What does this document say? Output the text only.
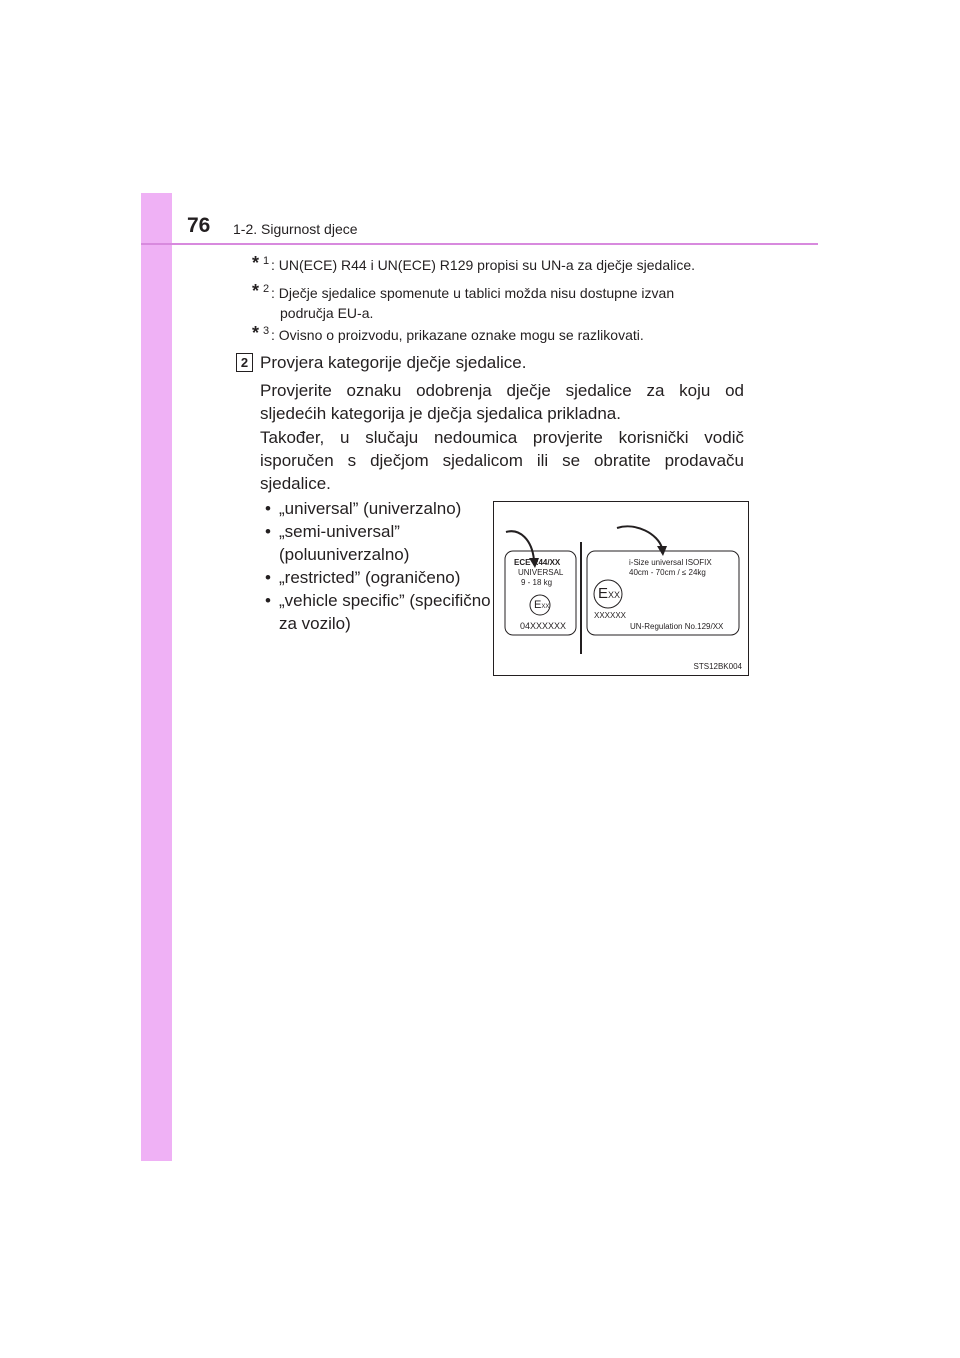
76 1-2. Sigurnost djece
* 1 : UN(ECE) R44 i UN(ECE) R129 propisi su UN-a za dječje sjedalice.
* 2 : Dječje sjedalice spomenute u tablici možda nisu dostupne izvan
područja EU-a.
* 3 : Ovisno o proizvodu, prikazane oznake mogu se razlikovati.
2 Provjera kategorije dječje sjedalice.
Provjerite oznaku odobrenja dječje sjedalice za koju od sljedećih kategorija je dječja sjedalica prikladna.
Također, u slučaju nedoumica provjerite korisnički vodič isporučen s dječjom sjedalicom ili se obratite prodavaču sjedalice.
• „universal” (univerzalno)
• „semi-universal” (poluuniverzalno)
• „restricted” (ograničeno)
• „vehicle specific” (specifično za vozilo)
ECE R44/XX
UNIVERSAL
9 - 18 kg
EXX
04XXXXXX
i-Size universal ISOFIX
40cm - 70cm / ≤ 24kg
EXX
XXXXXX
UN-Regulation No.129/XX
STS12BK004
